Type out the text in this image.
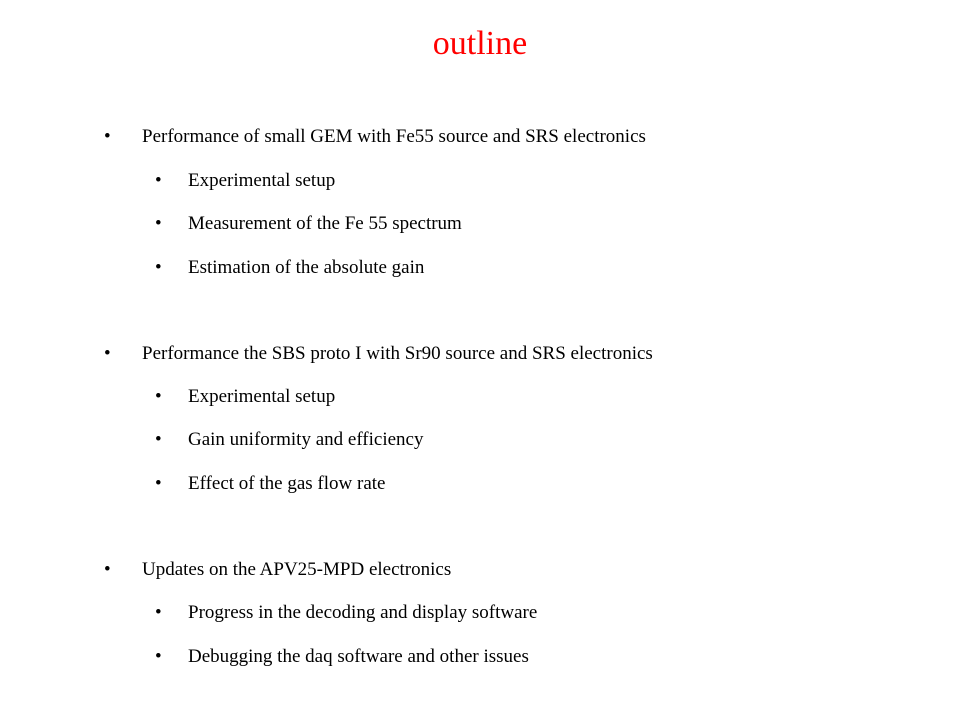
outline
• Performance of small GEM with Fe55 source and SRS electronics
• Experimental setup
• Measurement of the Fe 55 spectrum
• Estimation of the absolute gain
• Performance the SBS proto I with Sr90 source and SRS electronics
• Experimental setup
• Gain uniformity and efficiency
• Effect of the gas flow rate
• Updates on the APV25-MPD electronics
• Progress in the decoding and display software
• Debugging the daq software and other issues
